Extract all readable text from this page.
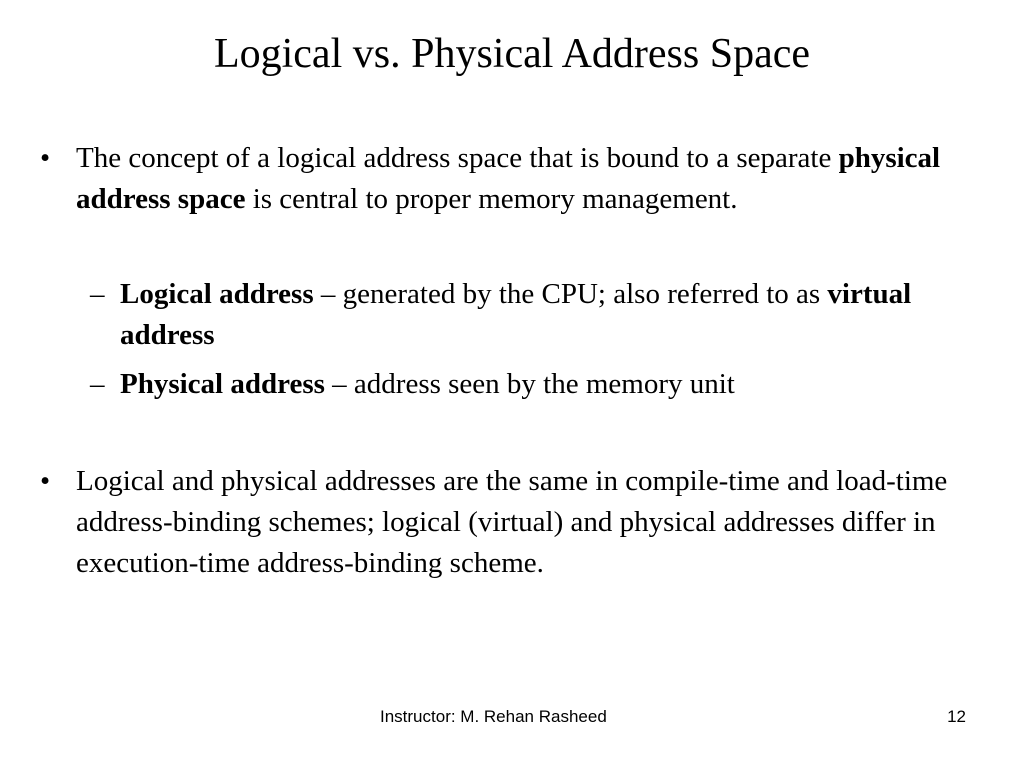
Logical vs. Physical Address Space
• The concept of a logical address space that is bound to a separate physical address space is central to proper memory management.
– Logical address – generated by the CPU; also referred to as virtual address
– Physical address – address seen by the memory unit
• Logical and physical addresses are the same in compile-time and load-time address-binding schemes; logical (virtual) and physical addresses differ in execution-time address-binding scheme.
Instructor: M. Rehan Rasheed	12
